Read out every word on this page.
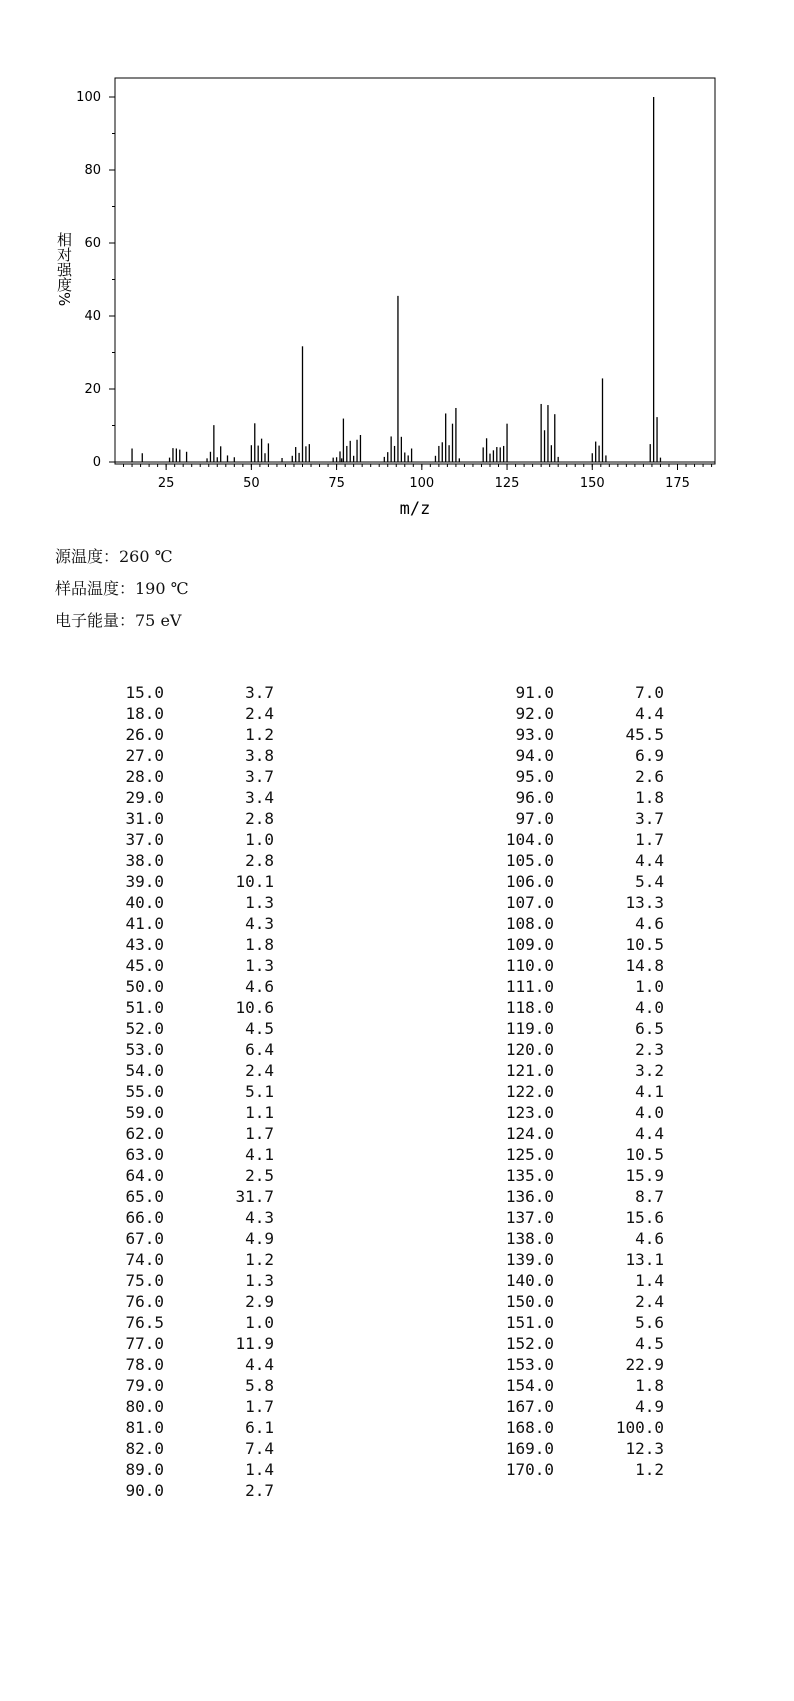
相对强度%
m/z
25	50	75	100	125	150	175
0
20
40
60
80
100
源温度：260 ℃
样品温度：190 ℃
电子能量：75 eV
15.0	3.7
18.0	2.4
26.0	1.2
27.0	3.8
28.0	3.7
29.0	3.4
31.0	2.8
37.0	1.0
38.0	2.8
39.0	10.1
40.0	1.3
41.0	4.3
43.0	1.8
45.0	1.3
50.0	4.6
51.0	10.6
52.0	4.5
53.0	6.4
54.0	2.4
55.0	5.1
59.0	1.1
62.0	1.7
63.0	4.1
64.0	2.5
65.0	31.7
66.0	4.3
67.0	4.9
74.0	1.2
75.0	1.3
76.0	2.9
76.5	1.0
77.0	11.9
78.0	4.4
79.0	5.8
80.0	1.7
81.0	6.1
82.0	7.4
89.0	1.4
90.0	2.7
91.0	7.0
92.0	4.4
93.0	45.5
94.0	6.9
95.0	2.6
96.0	1.8
97.0	3.7
104.0	1.7
105.0	4.4
106.0	5.4
107.0	13.3
108.0	4.6
109.0	10.5
110.0	14.8
111.0	1.0
118.0	4.0
119.0	6.5
120.0	2.3
121.0	3.2
122.0	4.1
123.0	4.0
124.0	4.4
125.0	10.5
135.0	15.9
136.0	8.7
137.0	15.6
138.0	4.6
139.0	13.1
140.0	1.4
150.0	2.4
151.0	5.6
152.0	4.5
153.0	22.9
154.0	1.8
167.0	4.9
168.0	100.0
169.0	12.3
170.0	1.2
